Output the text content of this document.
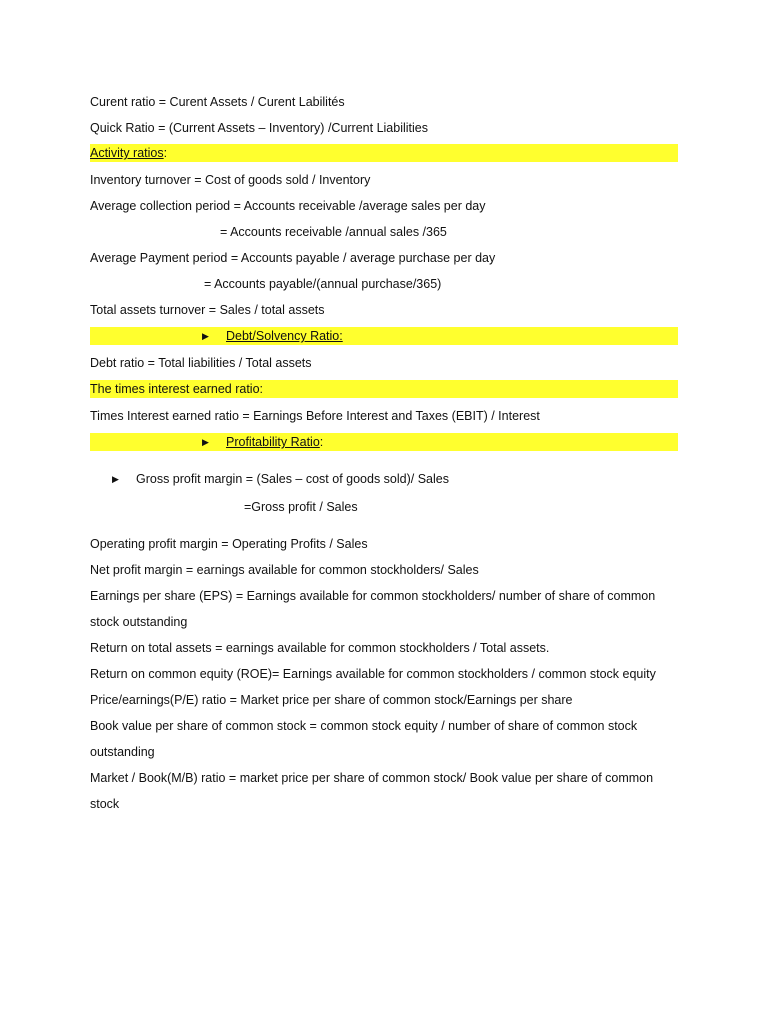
Curent ratio = Curent Assets / Curent Labilités
Quick Ratio = (Current Assets – Inventory) /Current Liabilities
Activity ratios:
Inventory turnover = Cost of goods sold / Inventory
Average collection period = Accounts receivable /average sales per day
= Accounts receivable /annual sales /365
Average Payment period = Accounts payable / average purchase per day
= Accounts payable/(annual purchase/365)
Total assets turnover = Sales / total assets
▶ Debt/Solvency Ratio:
Debt ratio = Total liabilities / Total assets
The times interest earned ratio:
Times Interest earned ratio = Earnings Before Interest and Taxes (EBIT) / Interest
▶ Profitability Ratio:
▶ Gross profit margin = (Sales – cost of goods sold)/ Sales
=Gross profit / Sales
Operating profit margin = Operating Profits / Sales
Net profit margin = earnings available for common stockholders/ Sales
Earnings per share (EPS) = Earnings available for common stockholders/ number of share of common
stock outstanding
Return on total assets = earnings available for common stockholders / Total assets.
Return on common equity (ROE)= Earnings available for common stockholders / common stock equity
Price/earnings(P/E) ratio = Market price per share of common stock/Earnings per share
Book value per share of common stock = common stock equity / number of share of common stock
outstanding
Market / Book(M/B) ratio = market price per share of common stock/ Book value per share of common
stock
